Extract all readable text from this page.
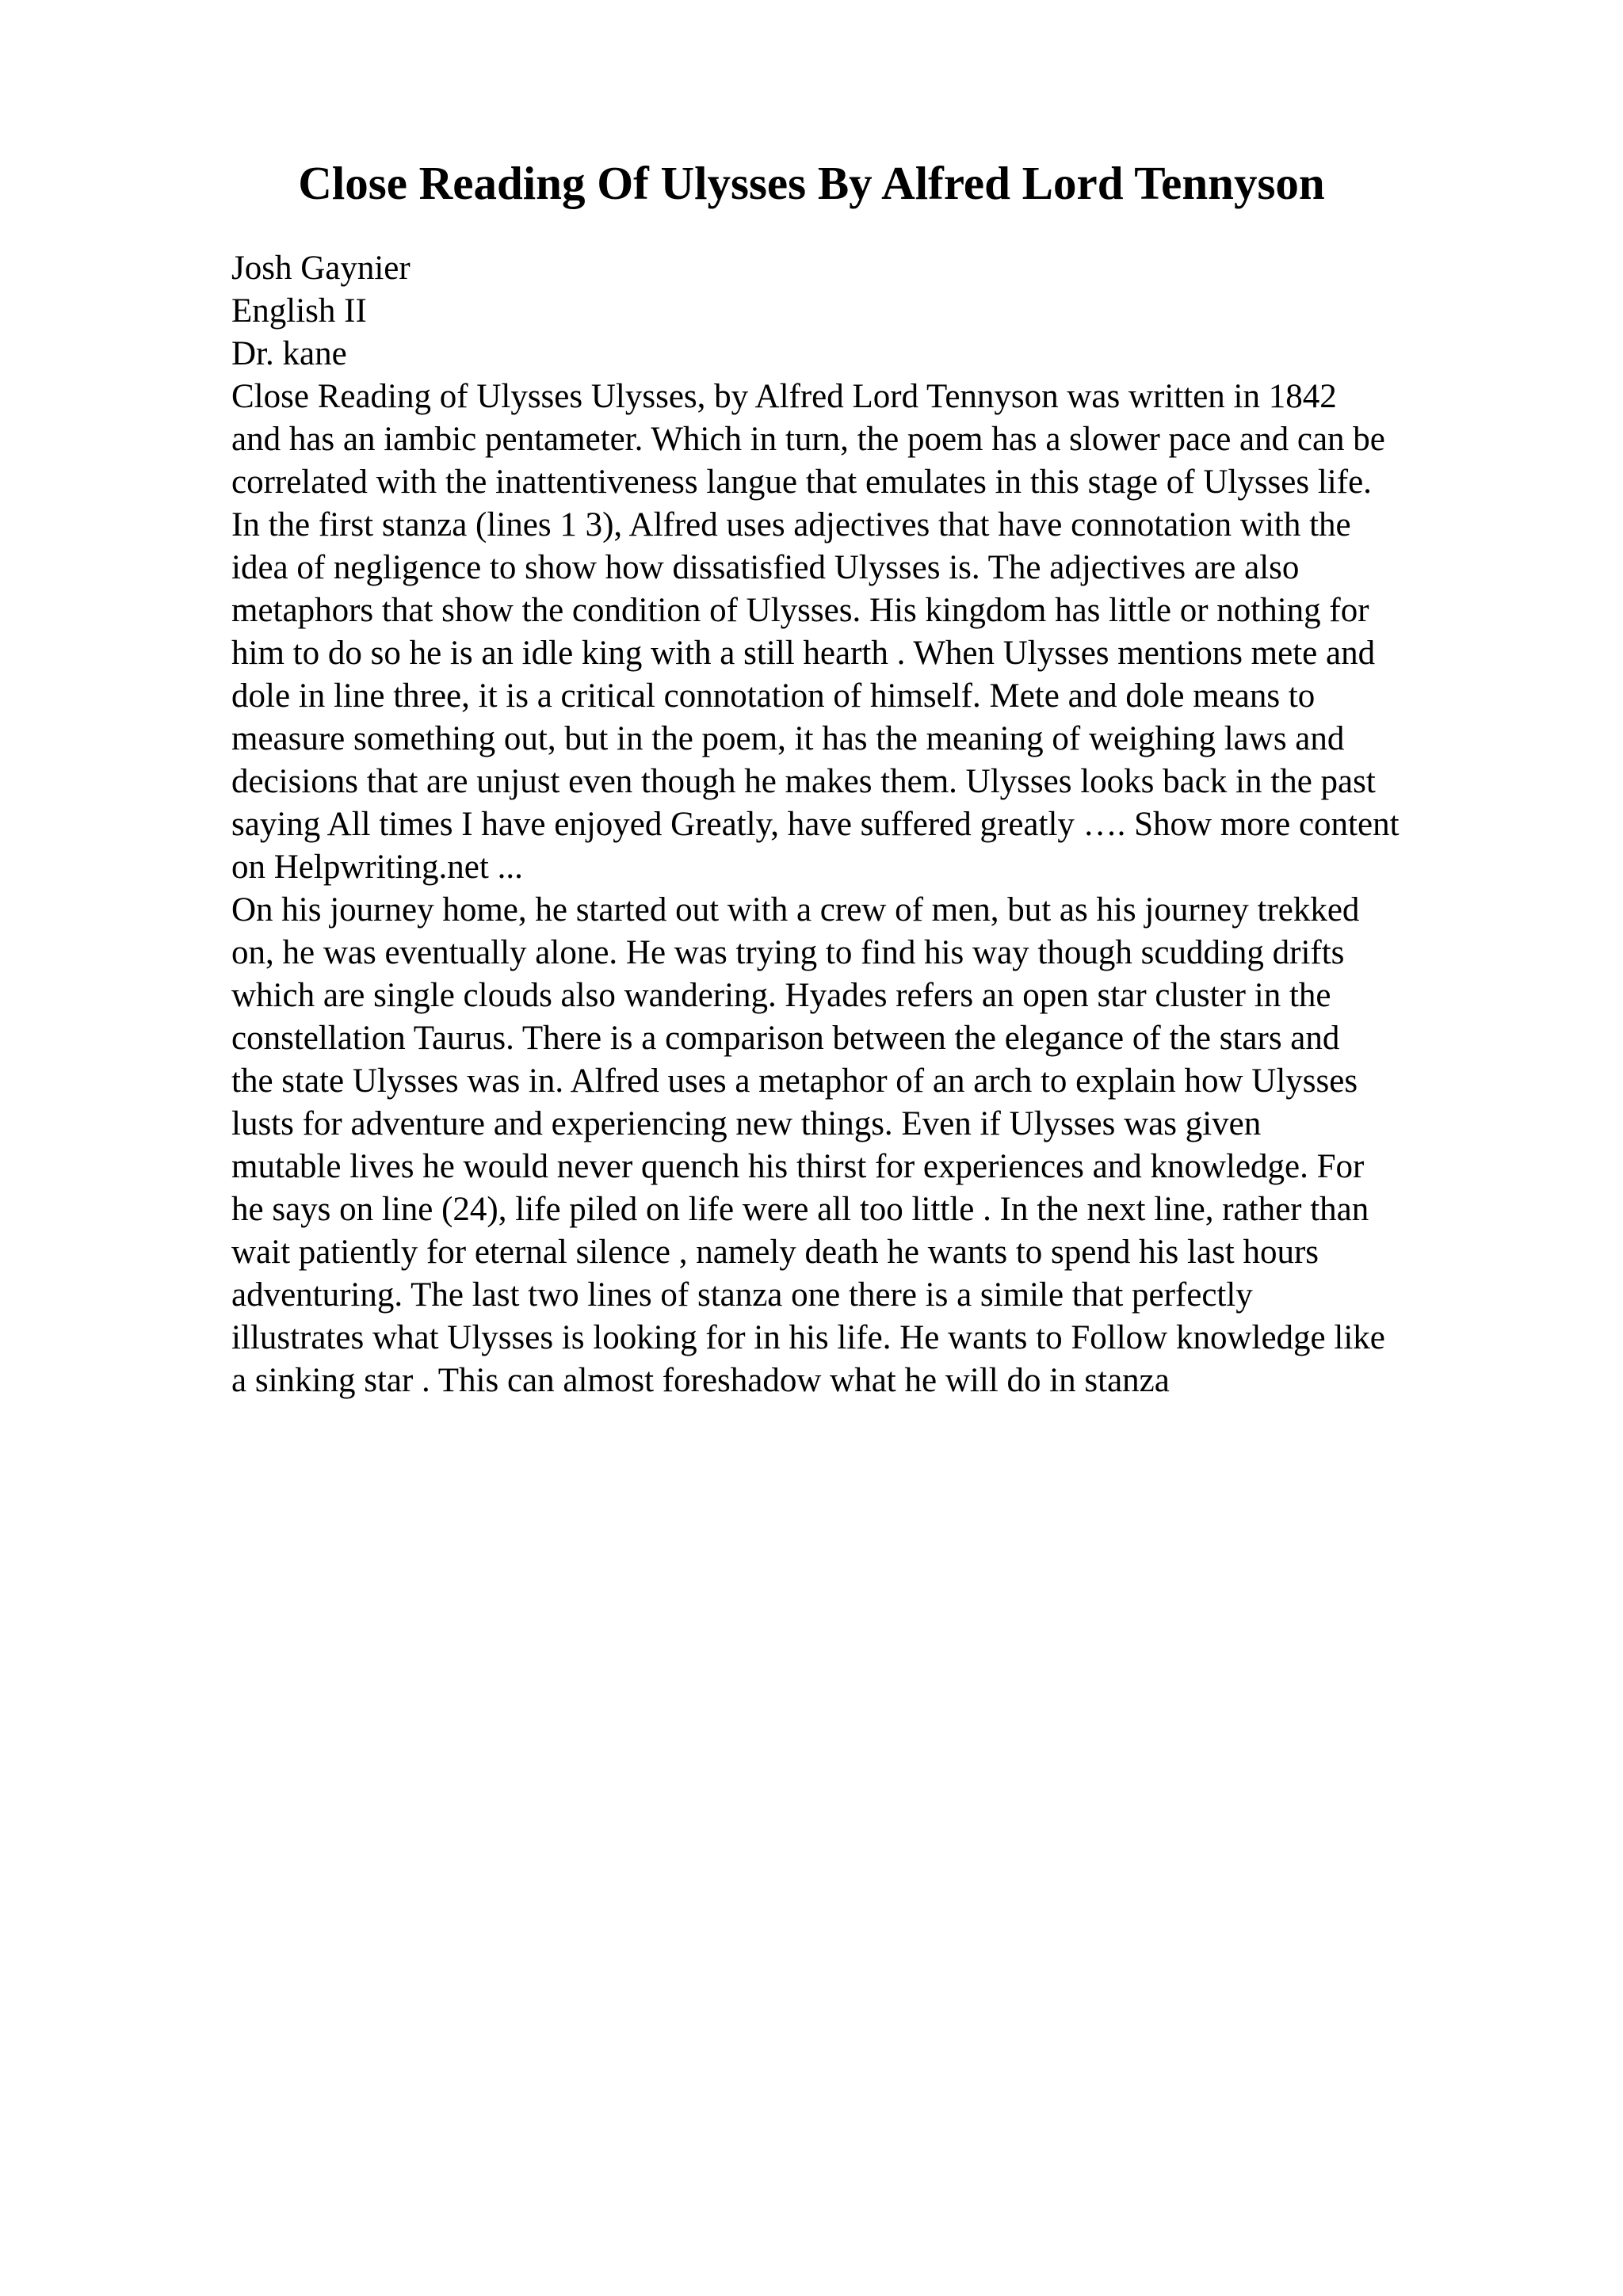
Close Reading Of Ulysses By Alfred Lord Tennyson
Josh Gaynier
English II
Dr. kane
Close Reading of Ulysses Ulysses, by Alfred Lord Tennyson was written in 1842
and has an iambic pentameter. Which in turn, the poem has a slower pace and can be
correlated with the inattentiveness langue that emulates in this stage of Ulysses life.
In the first stanza (lines 1 3), Alfred uses adjectives that have connotation with the
idea of negligence to show how dissatisfied Ulysses is. The adjectives are also
metaphors that show the condition of Ulysses. His kingdom has little or nothing for
him to do so he is an idle king with a still hearth . When Ulysses mentions mete and
dole in line three, it is a critical connotation of himself. Mete and dole means to
measure something out, but in the poem, it has the meaning of weighing laws and
decisions that are unjust even though he makes them. Ulysses looks back in the past
saying All times I have enjoyed Greatly, have suffered greatly …. Show more content
on Helpwriting.net ...
On his journey home, he started out with a crew of men, but as his journey trekked
on, he was eventually alone. He was trying to find his way though scudding drifts
which are single clouds also wandering. Hyades refers an open star cluster in the
constellation Taurus. There is a comparison between the elegance of the stars and
the state Ulysses was in. Alfred uses a metaphor of an arch to explain how Ulysses
lusts for adventure and experiencing new things. Even if Ulysses was given
mutable lives he would never quench his thirst for experiences and knowledge. For
he says on line (24), life piled on life were all too little . In the next line, rather than
wait patiently for eternal silence , namely death he wants to spend his last hours
adventuring. The last two lines of stanza one there is a simile that perfectly
illustrates what Ulysses is looking for in his life. He wants to Follow knowledge like
a sinking star . This can almost foreshadow what he will do in stanza
